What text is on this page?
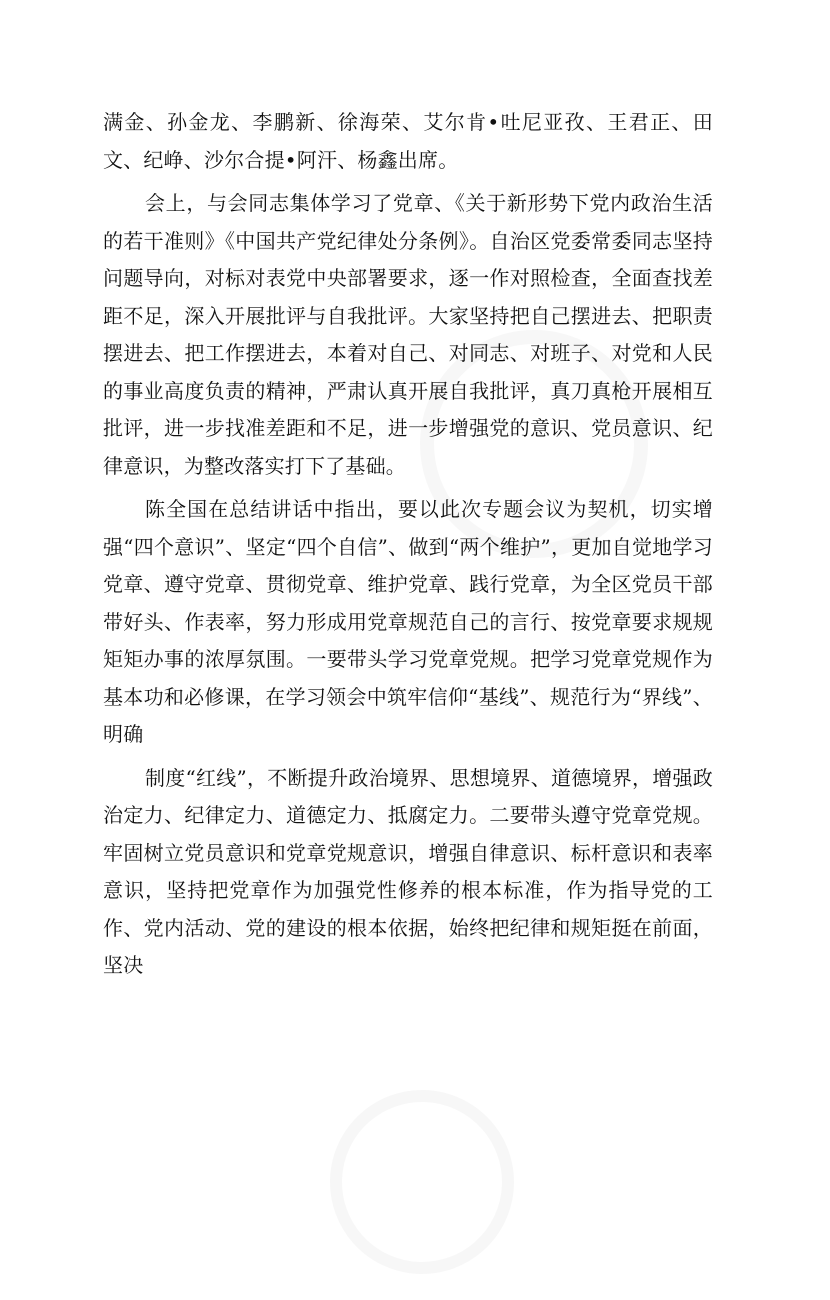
满金、孙金龙、李鹏新、徐海荣、艾尔肯•吐尼亚孜、王君正、田文、纪峥、沙尔合提•阿汗、杨鑫出席。

会上，与会同志集体学习了党章、《关于新形势下党内政治生活的若干准则》《中国共产党纪律处分条例》。自治区党委常委同志坚持问题导向，对标对表党中央部署要求，逐一作对照检查，全面查找差距不足，深入开展批评与自我批评。大家坚持把自己摆进去、把职责摆进去、把工作摆进去，本着对自己、对同志、对班子、对党和人民的事业高度负责的精神，严肃认真开展自我批评，真刀真枪开展相互批评，进一步找准差距和不足，进一步增强党的意识、党员意识、纪律意识，为整改落实打下了基础。

陈全国在总结讲话中指出，要以此次专题会议为契机，切实增强“四个意识”、坚定“四个自信”、做到“两个维护”，更加自觉地学习党章、遵守党章、贯彻党章、维护党章、践行党章，为全区党员干部带好头、作表率，努力形成用党章规范自己的言行、按党章要求规规矩矩办事的浓厚氛围。一要带头学习党章党规。把学习党章党规作为基本功和必修课，在学习领会中筑牢信仰“基线”、规范行为“界线”、明确

制度“红线”，不断提升政治境界、思想境界、道德境界，增强政治定力、纪律定力、道德定力、抵腐定力。二要带头遵守党章党规。牢固树立党员意识和党章党规意识，增强自律意识、标杆意识和表率意识，坚持把党章作为加强党性修养的根本标准，作为指导党的工作、党内活动、党的建设的根本依据，始终把纪律和规矩挺在前面，坚决
